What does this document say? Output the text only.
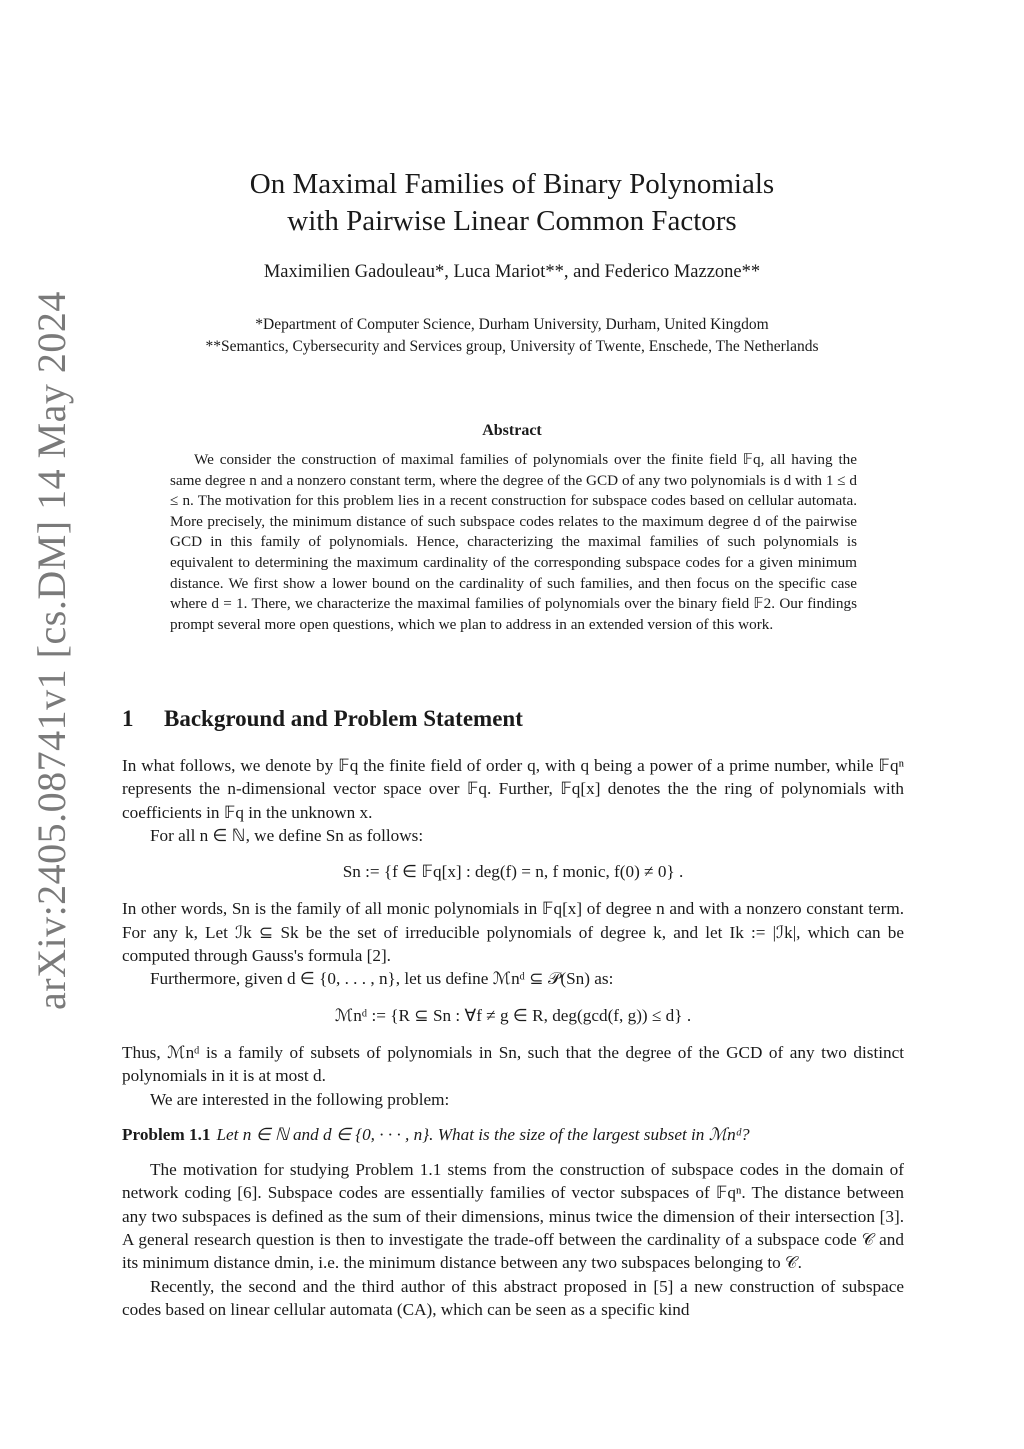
arXiv:2405.08741v1 [cs.DM] 14 May 2024
On Maximal Families of Binary Polynomials
with Pairwise Linear Common Factors
Maximilien Gadouleau*, Luca Mariot**, and Federico Mazzone**
*Department of Computer Science, Durham University, Durham, United Kingdom
**Semantics, Cybersecurity and Services group, University of Twente, Enschede, The Netherlands
Abstract
We consider the construction of maximal families of polynomials over the finite field 𝔽q, all having the same degree n and a nonzero constant term, where the degree of the GCD of any two polynomials is d with 1 ≤ d ≤ n. The motivation for this problem lies in a recent construction for subspace codes based on cellular automata. More precisely, the minimum distance of such subspace codes relates to the maximum degree d of the pairwise GCD in this family of polynomials. Hence, characterizing the maximal families of such polynomials is equivalent to determining the maximum cardinality of the corresponding subspace codes for a given minimum distance. We first show a lower bound on the cardinality of such families, and then focus on the specific case where d = 1. There, we characterize the maximal families of polynomials over the binary field 𝔽2. Our findings prompt several more open questions, which we plan to address in an extended version of this work.
1 Background and Problem Statement

In what follows, we denote by 𝔽q the finite field of order q, with q being a power of a prime number, while 𝔽qⁿ represents the n-dimensional vector space over 𝔽q. Further, 𝔽q[x] denotes the the ring of polynomials with coefficients in 𝔽q in the unknown x.

For all n ∈ ℕ, we define Sn as follows:

Sn := {f ∈ 𝔽q[x] : deg(f) = n, f monic, f(0) ≠ 0} .

In other words, Sn is the family of all monic polynomials in 𝔽q[x] of degree n and with a nonzero constant term. For any k, Let ℐk ⊆ Sk be the set of irreducible polynomials of degree k, and let Ik := |ℐk|, which can be computed through Gauss's formula [2].

Furthermore, given d ∈ {0, . . . , n}, let us define ℳnᵈ ⊆ 𝒫(Sn) as:

ℳnᵈ := {R ⊆ Sn : ∀f ≠ g ∈ R, deg(gcd(f, g)) ≤ d} .

Thus, ℳnᵈ is a family of subsets of polynomials in Sn, such that the degree of the GCD of any two distinct polynomials in it is at most d.

We are interested in the following problem:

Problem 1.1 Let n ∈ ℕ and d ∈ {0, · · · , n}. What is the size of the largest subset in ℳnᵈ?

The motivation for studying Problem 1.1 stems from the construction of subspace codes in the domain of network coding [6]. Subspace codes are essentially families of vector subspaces of 𝔽qⁿ. The distance between any two subspaces is defined as the sum of their dimensions, minus twice the dimension of their intersection [3]. A general research question is then to investigate the trade-off between the cardinality of a subspace code 𝒞 and its minimum distance dmin, i.e. the minimum distance between any two subspaces belonging to 𝒞.

Recently, the second and the third author of this abstract proposed in [5] a new construction of subspace codes based on linear cellular automata (CA), which can be seen as a specific kind
